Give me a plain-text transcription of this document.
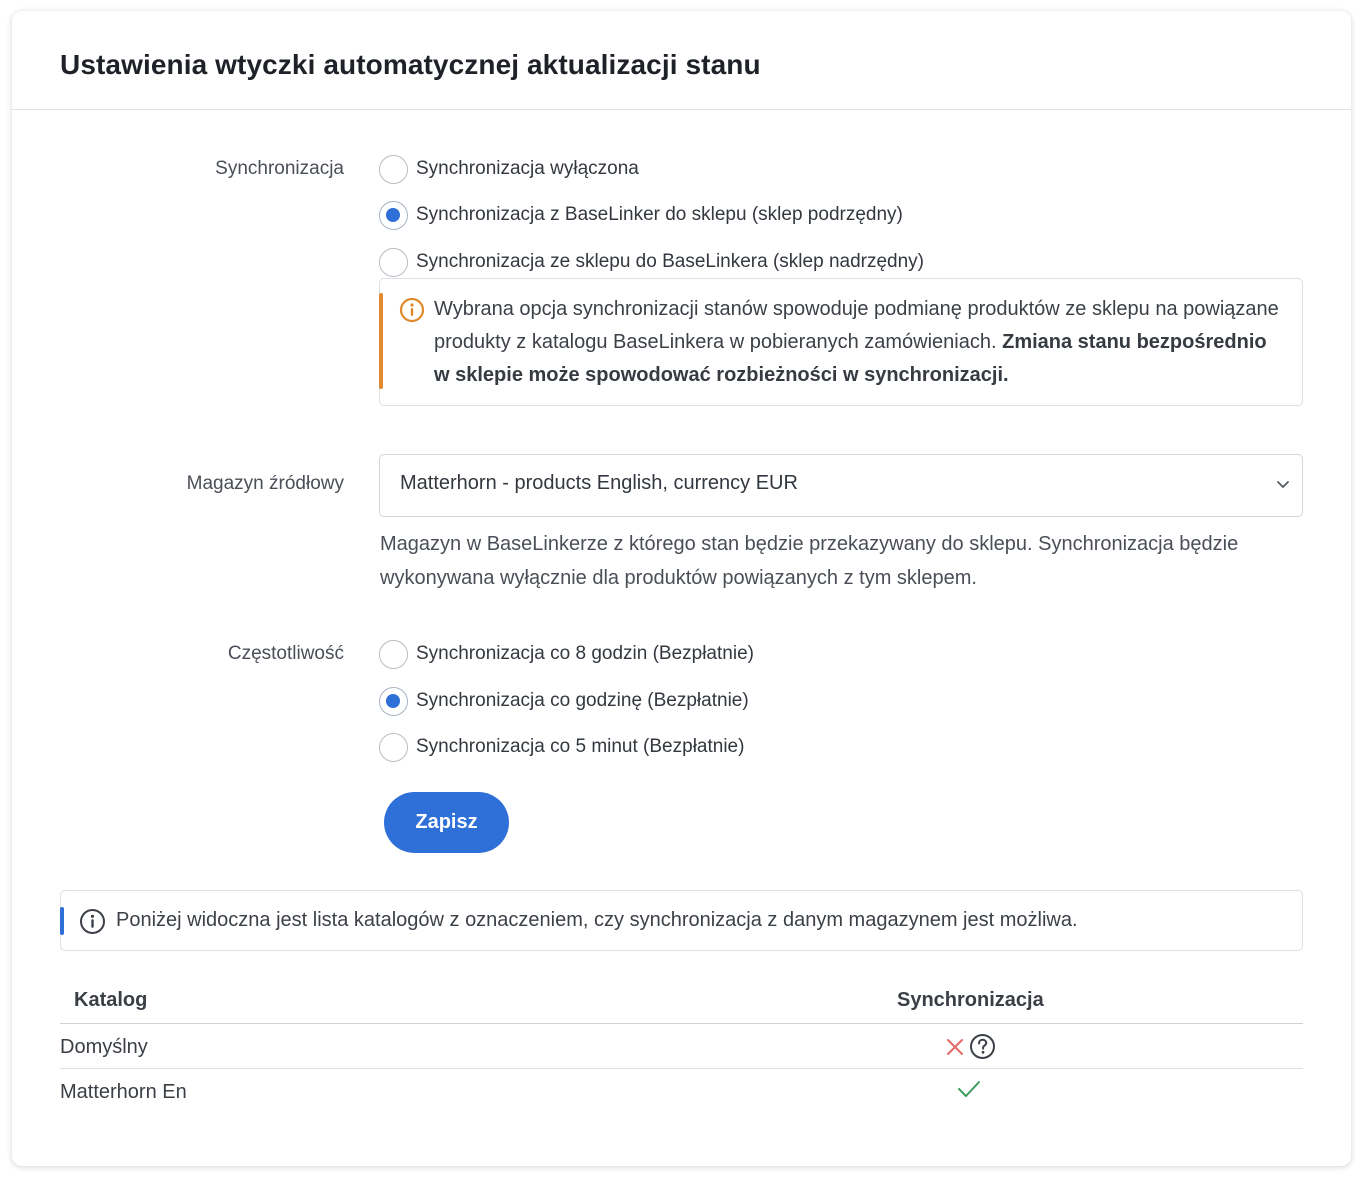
Ustawienia wtyczki automatycznej aktualizacji stanu
Synchronizacja	Synchronizacja wyłączona
Synchronizacja z BaseLinker do sklepu (sklep podrzędny)
Synchronizacja ze sklepu do BaseLinkera (sklep nadrzędny)
Wybrana opcja synchronizacji stanów spowoduje podmianę produktów ze sklepu na powiązane produkty z katalogu BaseLinkera w pobieranych zamówieniach. Zmiana stanu bezpośrednio w sklepie może spowodować rozbieżności w synchronizacji.
Magazyn źródłowy	Matterhorn - products English, currency EUR
Magazyn w BaseLinkerze z którego stan będzie przekazywany do sklepu. Synchronizacja będzie wykonywana wyłącznie dla produktów powiązanych z tym sklepem.
Częstotliwość	Synchronizacja co 8 godzin (Bezpłatnie)
Synchronizacja co godzinę (Bezpłatnie)
Synchronizacja co 5 minut (Bezpłatnie)
Zapisz
Poniżej widoczna jest lista katalogów z oznaczeniem, czy synchronizacja z danym magazynem jest możliwa.
Katalog	Synchronizacja
Domyślny
Matterhorn En
